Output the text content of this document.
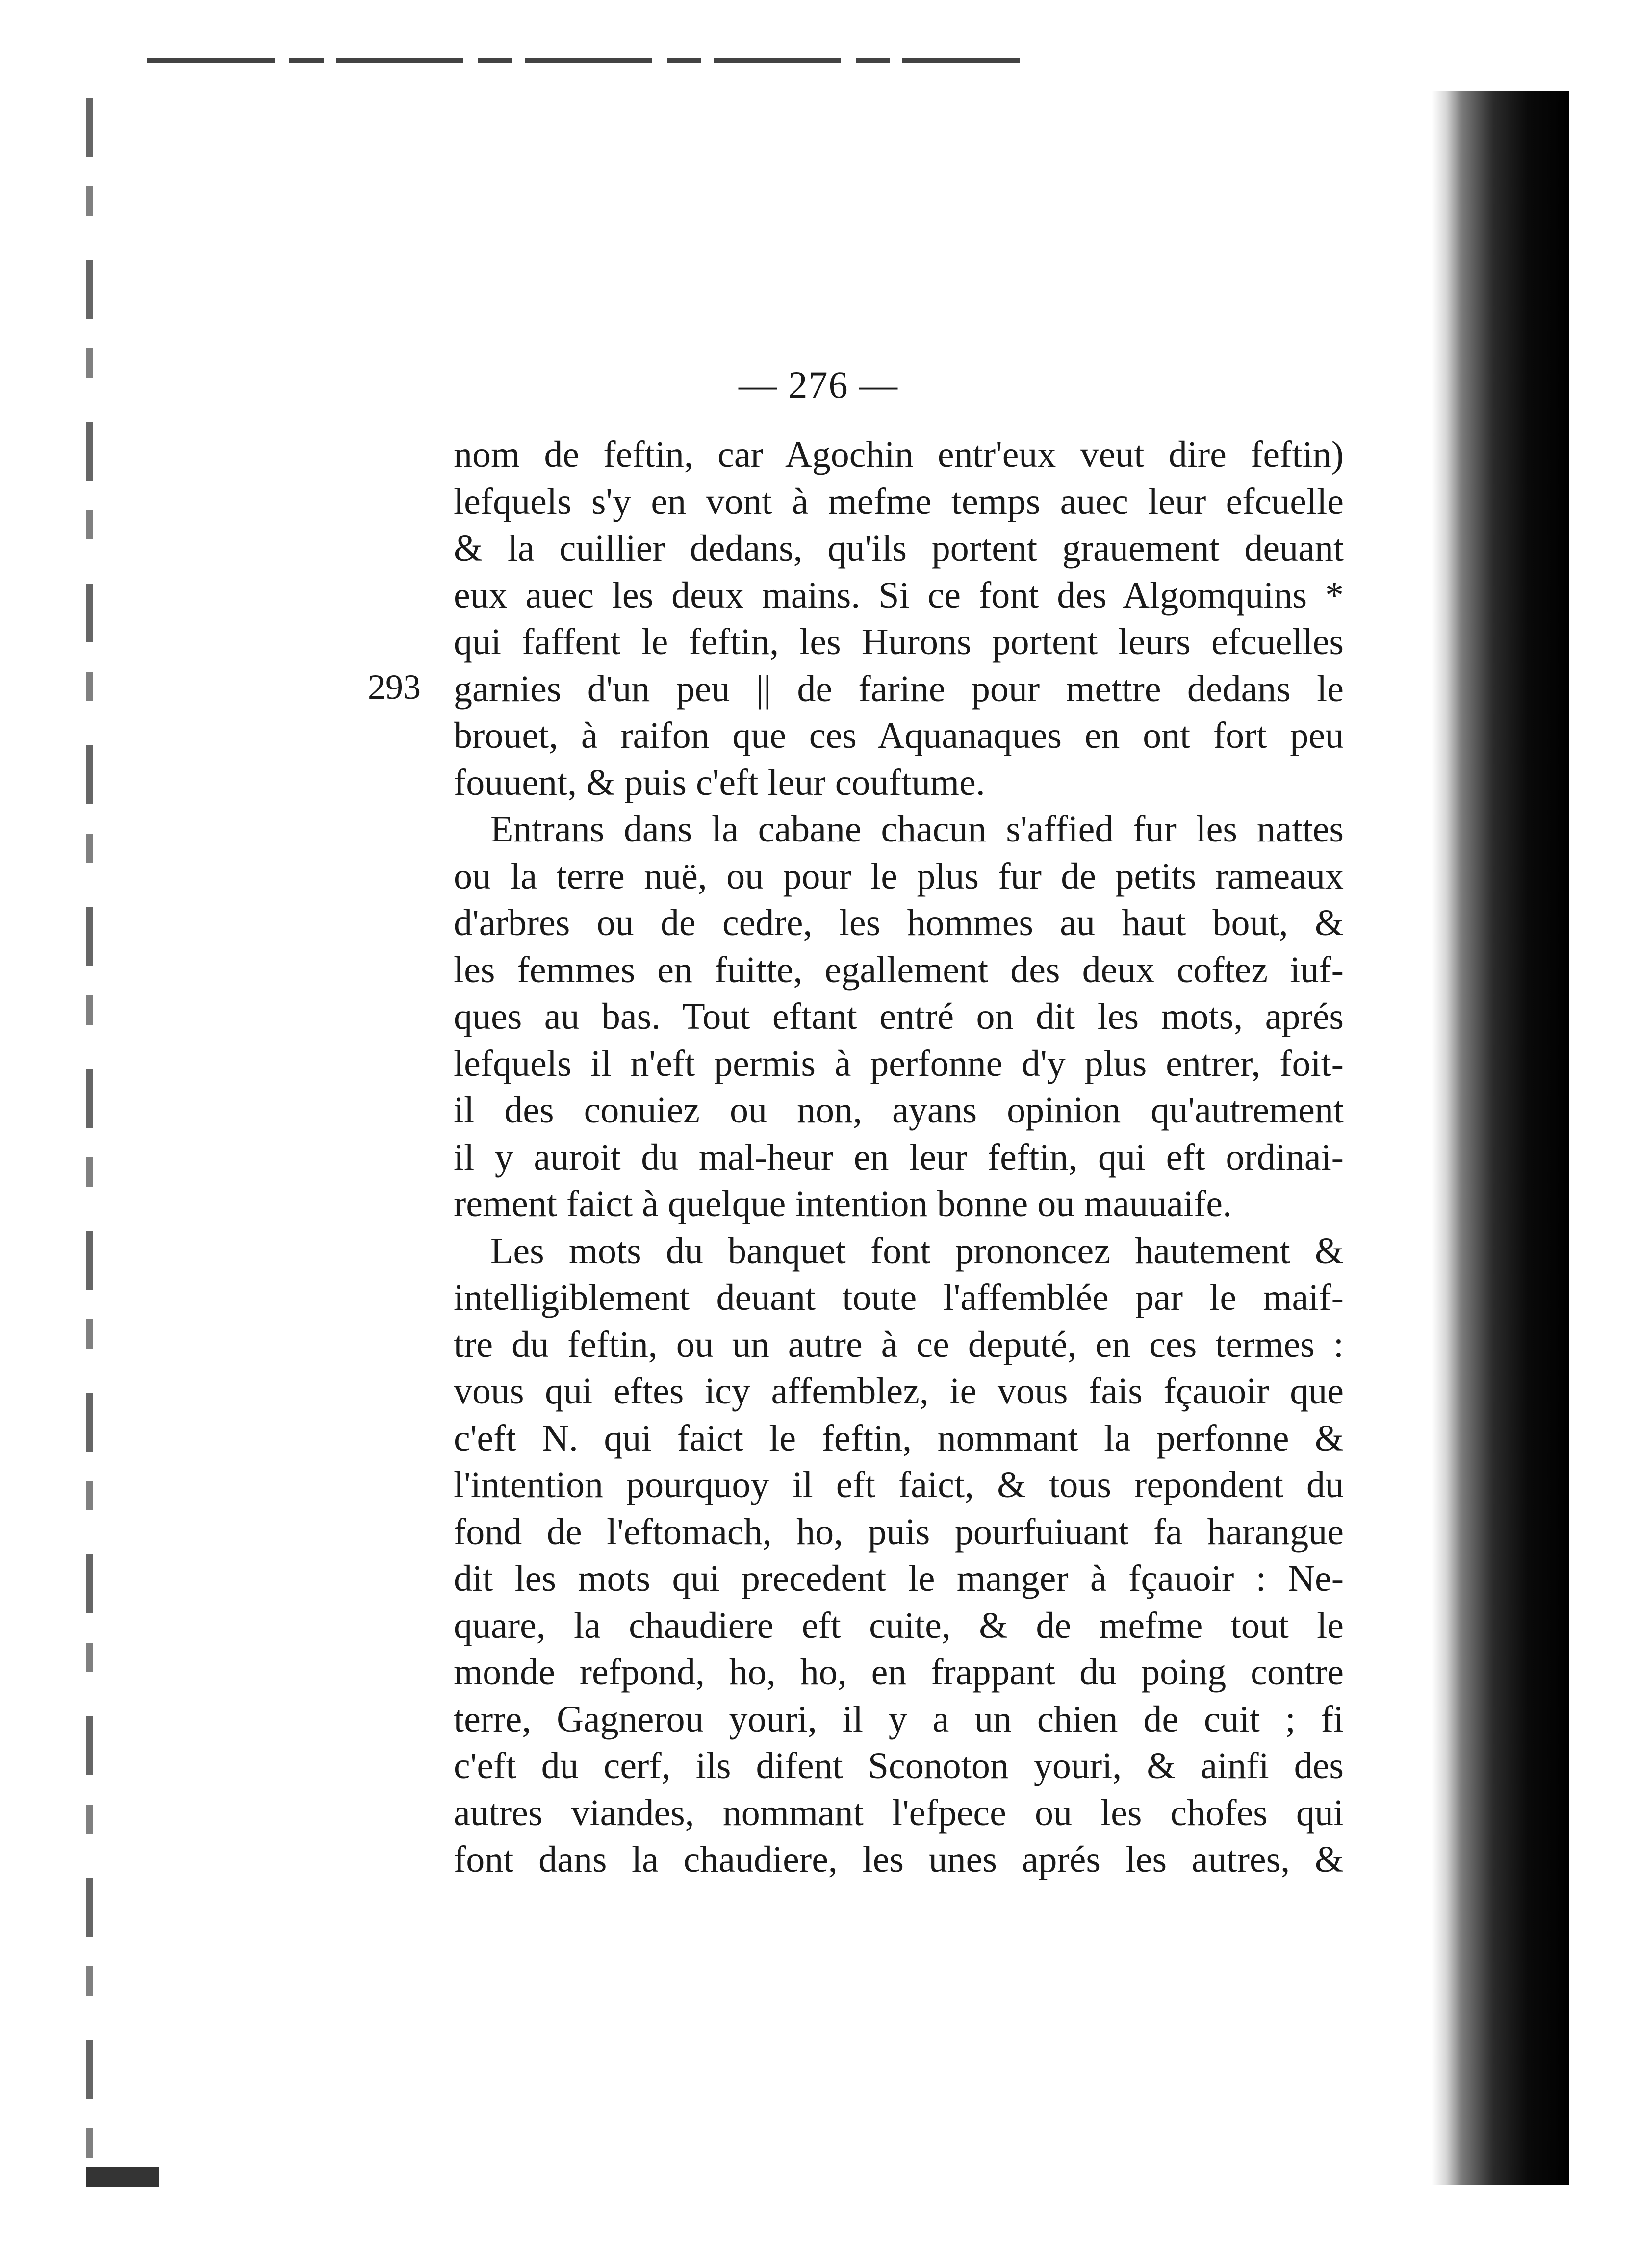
— 276 —
293
nom de feftin, car Agochin entr'eux veut dire feftin)
lefquels s'y en vont à mefme temps auec leur efcuelle
& la cuillier dedans, qu'ils portent grauement deuant
eux auec les deux mains. Si ce font des Algomquins *
qui faffent le feftin, les Hurons portent leurs efcuelles
garnies d'un peu || de farine pour mettre dedans le
brouet, à raifon que ces Aquanaques en ont fort peu
fouuent, & puis c'eft leur couftume.
Entrans dans la cabane chacun s'affied fur les nattes
ou la terre nuë, ou pour le plus fur de petits rameaux
d'arbres ou de cedre, les hommes au haut bout, &
les femmes en fuitte, egallement des deux coftez iuf-
ques au bas. Tout eftant entré on dit les mots, aprés
lefquels il n'eft permis à perfonne d'y plus entrer, foit-
il des conuiez ou non, ayans opinion qu'autrement
il y auroit du mal-heur en leur feftin, qui eft ordinai-
rement faict à quelque intention bonne ou mauuaife.
Les mots du banquet font prononcez hautement &
intelligiblement deuant toute l'affemblée par le maif-
tre du feftin, ou un autre à ce deputé, en ces termes :
vous qui eftes icy affemblez, ie vous fais fçauoir que
c'eft N. qui faict le feftin, nommant la perfonne &
l'intention pourquoy il eft faict, & tous repondent du
fond de l'eftomach, ho, puis pourfuiuant fa harangue
dit les mots qui precedent le manger à fçauoir : Ne-
quare, la chaudiere eft cuite, & de mefme tout le
monde refpond, ho, ho, en frappant du poing contre
terre, Gagnerou youri, il y a un chien de cuit ; fi
c'eft du cerf, ils difent Sconoton youri, & ainfi des
autres viandes, nommant l'efpece ou les chofes qui
font dans la chaudiere, les unes aprés les autres, &
